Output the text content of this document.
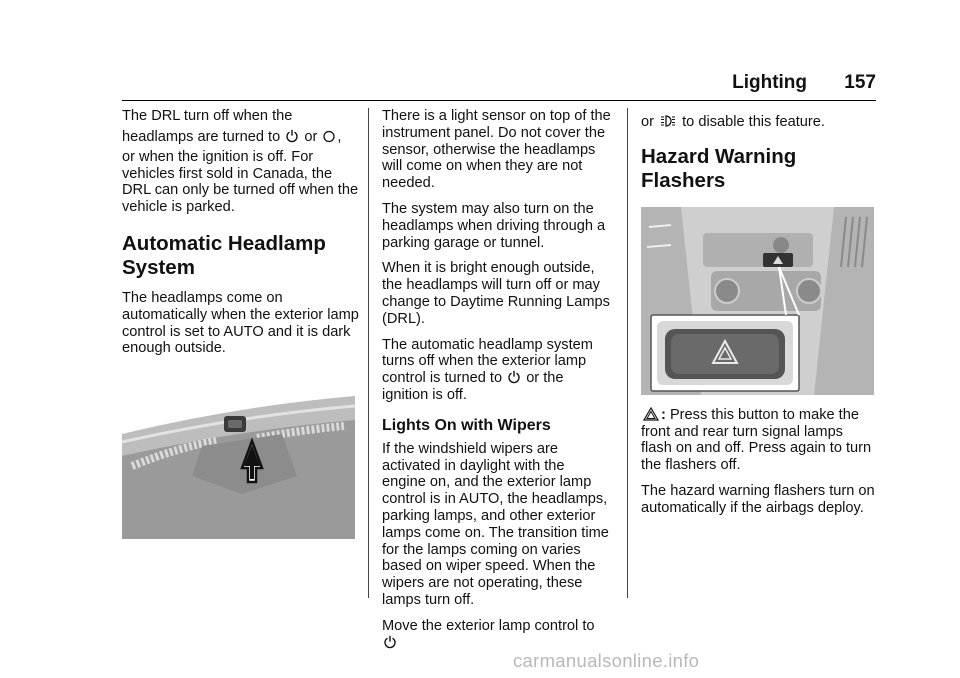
Lighting 157

The DRL turn off when the
headlamps are turned to or ,
or when the ignition is off. For vehicles first sold in Canada, the DRL can only be turned off when the vehicle is parked.

Automatic Headlamp System

The headlamps come on automatically when the exterior lamp control is set to AUTO and it is dark enough outside.

There is a light sensor on top of the instrument panel. Do not cover the sensor, otherwise the headlamps will come on when they are not needed.

The system may also turn on the headlamps when driving through a parking garage or tunnel.

When it is bright enough outside, the headlamps will turn off or may change to Daytime Running Lamps (DRL).

The automatic headlamp system turns off when the exterior lamp control is turned to or the ignition is off.

Lights On with Wipers

If the windshield wipers are activated in daylight with the engine on, and the exterior lamp control is in AUTO, the headlamps, parking lamps, and other exterior lamps come on. The transition time for the lamps coming on varies based on wiper speed. When the wipers are not operating, these lamps turn off.

Move the exterior lamp control to

or to disable this feature.

Hazard Warning Flashers

: Press this button to make the front and rear turn signal lamps flash on and off. Press again to turn the flashers off.

The hazard warning flashers turn on automatically if the airbags deploy.

carmanualsonline.info
